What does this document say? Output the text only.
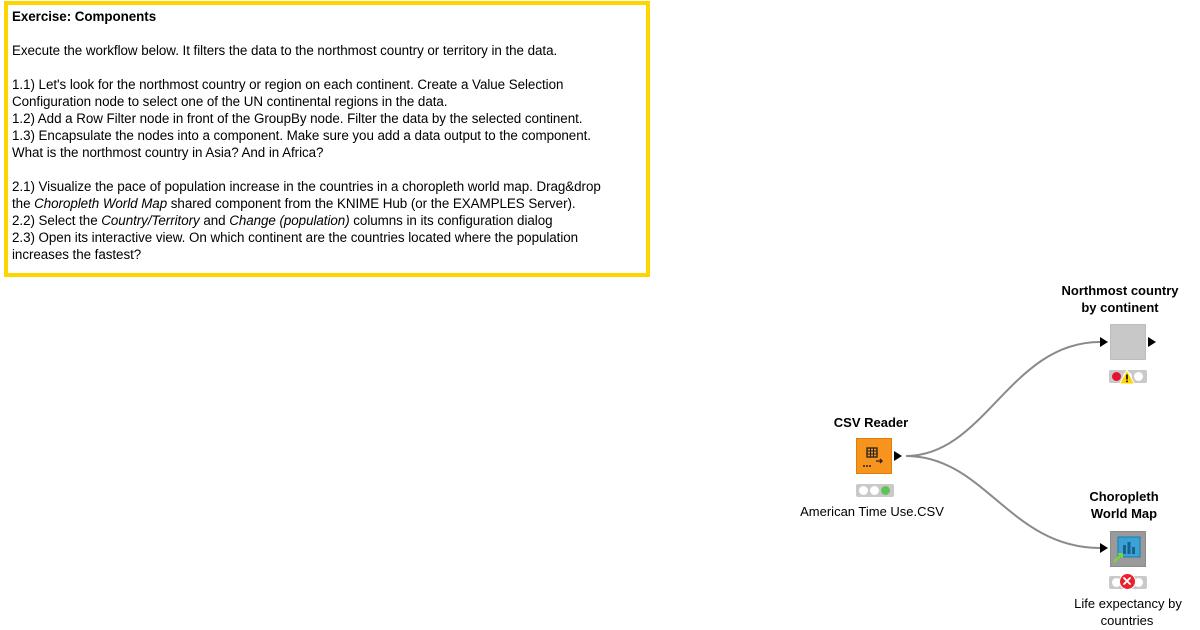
Exercise: Components
Execute the workflow below. It filters the data to the northmost country or territory in the data.
1.1) Let's look for the northmost country or region on each continent. Create a Value Selection
Configuration node to select one of the UN continental regions in the data.
1.2) Add a Row Filter node in front of the GroupBy node. Filter the data by the selected continent.
1.3) Encapsulate the nodes into a component. Make sure you add a data output to the component.
What is the northmost country in Asia? And in Africa?
2.1) Visualize the pace of population increase in the countries in a choropleth world map. Drag&drop
the Choropleth World Map shared component from the KNIME Hub (or the EXAMPLES Server).
2.2) Select the Country/Territory and Change (population) columns in its configuration dialog
2.3) Open its interactive view. On which continent are the countries located where the population
increases the fastest?
CSV Reader
American Time Use.CSV
Northmost country
by continent
Choropleth
World Map
Life expectancy by
countries
